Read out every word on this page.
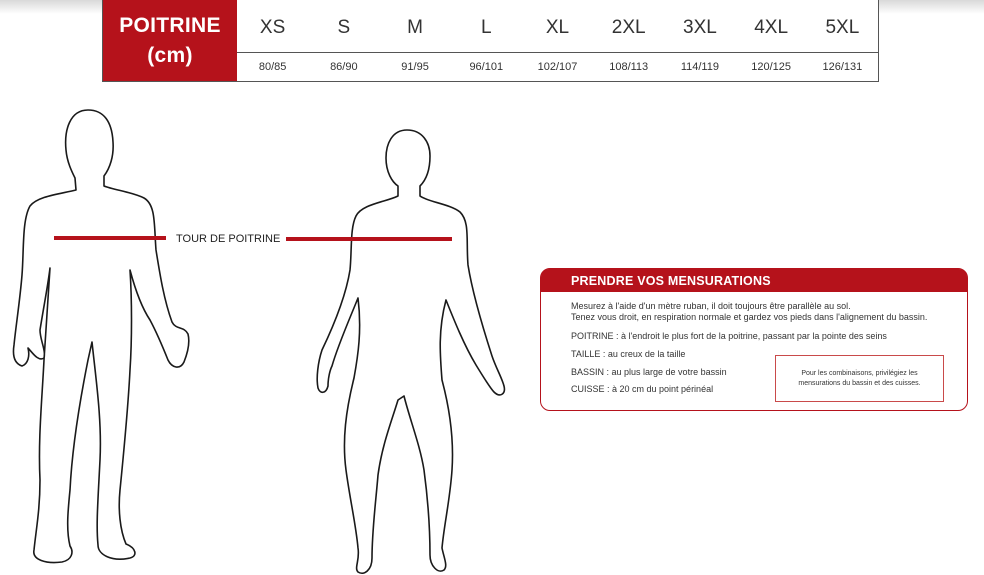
POITRINE
(cm)
XS	S	M	L	XL	2XL	3XL	4XL	5XL
80/85	86/90	91/95	96/101	102/107	108/113	114/119	120/125	126/131
TOUR DE POITRINE
PRENDRE VOS MENSURATIONS
Mesurez à l'aide d'un mètre ruban, il doit toujours être parallèle au sol.
Tenez vous droit, en respiration normale et gardez vos pieds dans l'alignement du bassin.
POITRINE : à l'endroit le plus fort de la poitrine, passant par la pointe des seins
TAILLE : au creux de la taille
BASSIN : au plus large de votre bassin
CUISSE : à 20 cm du point périnéal
Pour les combinaisons, privilégiez les mensurations du bassin et des cuisses.
